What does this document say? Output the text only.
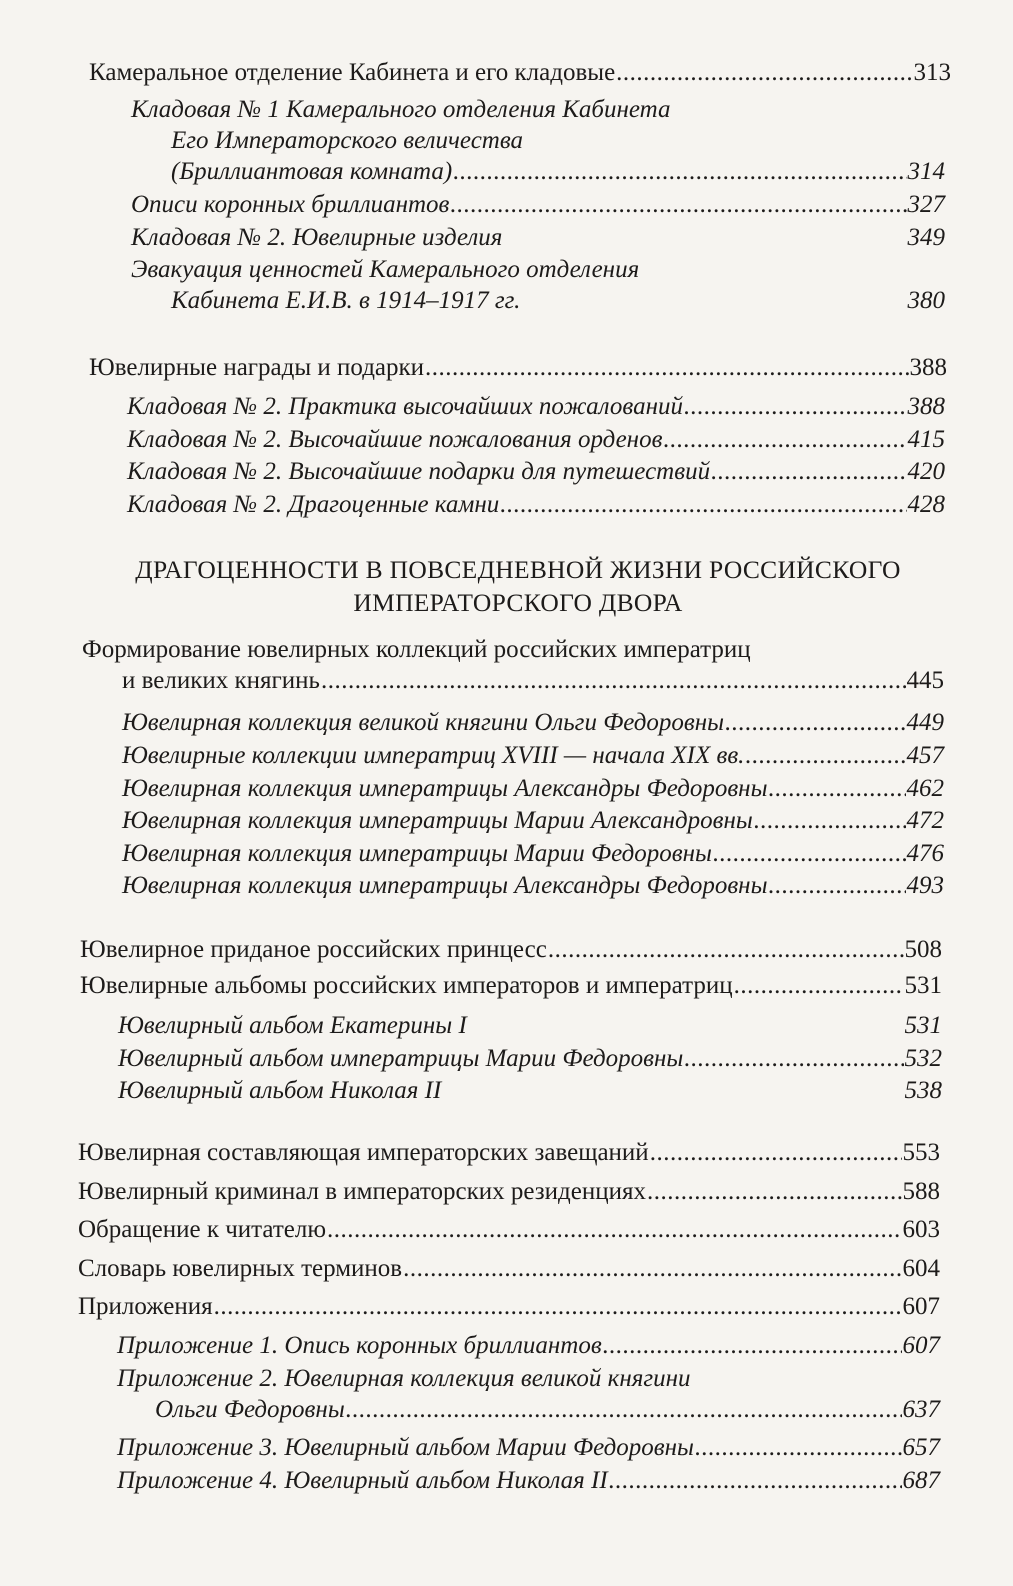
Камеральное отделение Кабинета и его кладовые .....	313
Кладовая № 1 Камерального отделения Кабинета
Его Императорского величества
(Бриллиантовая комната) .....	314
Описи коронных бриллиантов .....	327
Кладовая № 2. Ювелирные изделия	349
Эвакуация ценностей Камерального отделения
Кабинета Е.И.В. в 1914–1917 гг.	380
Ювелирные награды и подарки .....	388
Кладовая № 2. Практика высочайших пожалований .....	388
Кладовая № 2. Высочайшие пожалования орденов .....	415
Кладовая № 2. Высочайшие подарки для путешествий .....	420
Кладовая № 2. Драгоценные камни .....	428
ДРАГОЦЕННОСТИ В ПОВСЕДНЕВНОЙ ЖИЗНИ РОССИЙСКОГО
ИМПЕРАТОРСКОГО ДВОРА
Формирование ювелирных коллекций российских императриц
и великих княгинь .....	445
Ювелирная коллекция великой княгини Ольги Федоровны .....	449
Ювелирные коллекции императриц XVIII — начала XIX вв. .....	457
Ювелирная коллекция императрицы Александры Федоровны .....	462
Ювелирная коллекция императрицы Марии Александровны .....	472
Ювелирная коллекция императрицы Марии Федоровны .....	476
Ювелирная коллекция императрицы Александры Федоровны .....	493
Ювелирное приданое российских принцесс .....	508
Ювелирные альбомы российских императоров и императриц .....	531
Ювелирный альбом Екатерины I	531
Ювелирный альбом императрицы Марии Федоровны .....	532
Ювелирный альбом Николая II	538
Ювелирная составляющая императорских завещаний .....	553
Ювелирный криминал в императорских резиденциях .....	588
Обращение к читателю .....	603
Словарь ювелирных терминов .....	604
Приложения .....	607
Приложение 1. Опись коронных бриллиантов .....	607
Приложение 2. Ювелирная коллекция великой княгини
Ольги Федоровны .....	637
Приложение 3. Ювелирный альбом Марии Федоровны .....	657
Приложение 4. Ювелирный альбом Николая II .....	687
